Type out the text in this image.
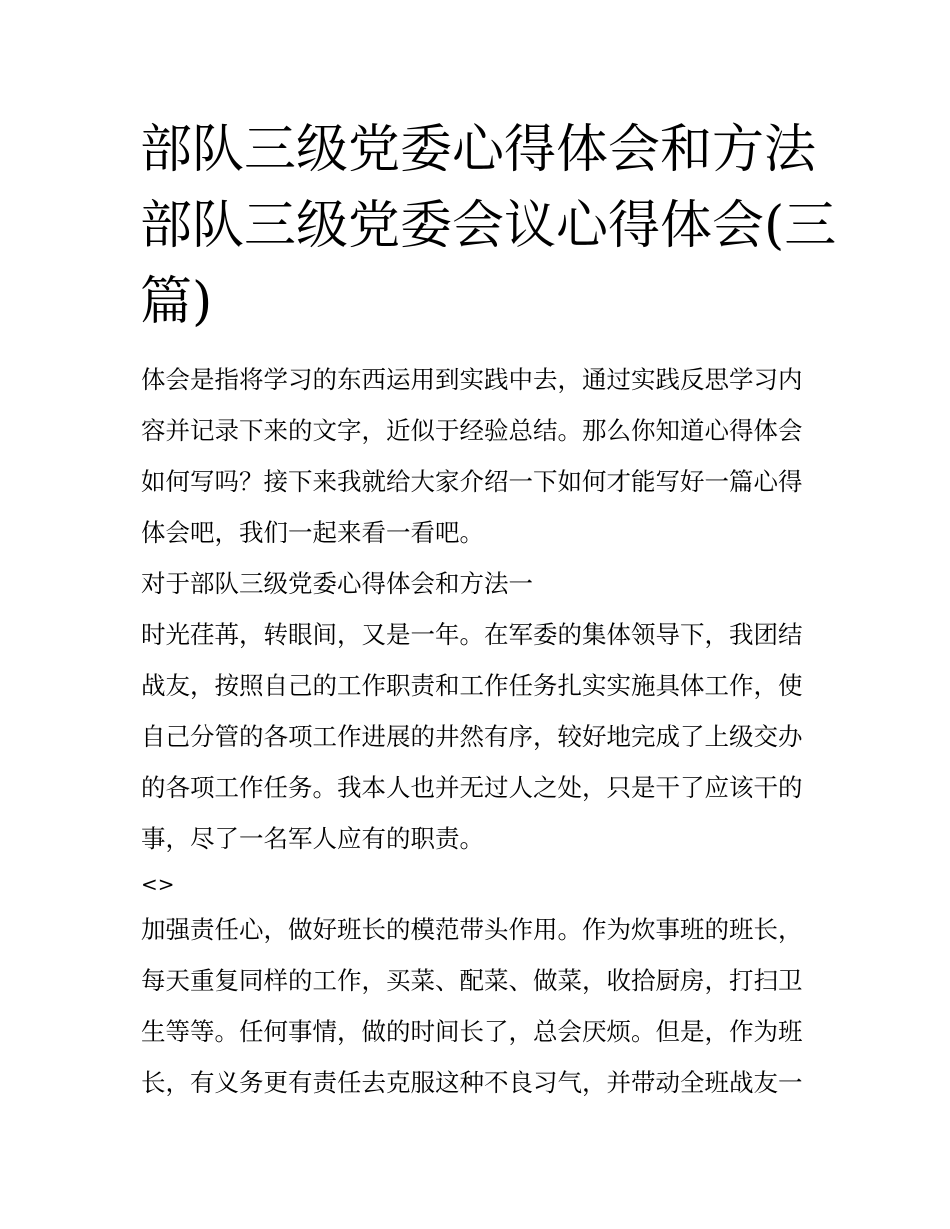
部队三级党委心得体会和方法
部队三级党委会议心得体会(三
篇)

体会是指将学习的东西运用到实践中去，通过实践反思学习内

容并记录下来的文字，近似于经验总结。那么你知道心得体会

如何写吗？接下来我就给大家介绍一下如何才能写好一篇心得

体会吧，我们一起来看一看吧。

对于部队三级党委心得体会和方法一

时光荏苒，转眼间，又是一年。在军委的集体领导下，我团结

战友，按照自己的工作职责和工作任务扎实实施具体工作，使

自己分管的各项工作进展的井然有序，较好地完成了上级交办

的各项工作任务。我本人也并无过人之处，只是干了应该干的

事，尽了一名军人应有的职责。

<>

加强责任心，做好班长的模范带头作用。作为炊事班的班长，

每天重复同样的工作，买菜、配菜、做菜，收拾厨房，打扫卫

生等等。任何事情，做的时间长了，总会厌烦。但是，作为班

长，有义务更有责任去克服这种不良习气，并带动全班战友一
